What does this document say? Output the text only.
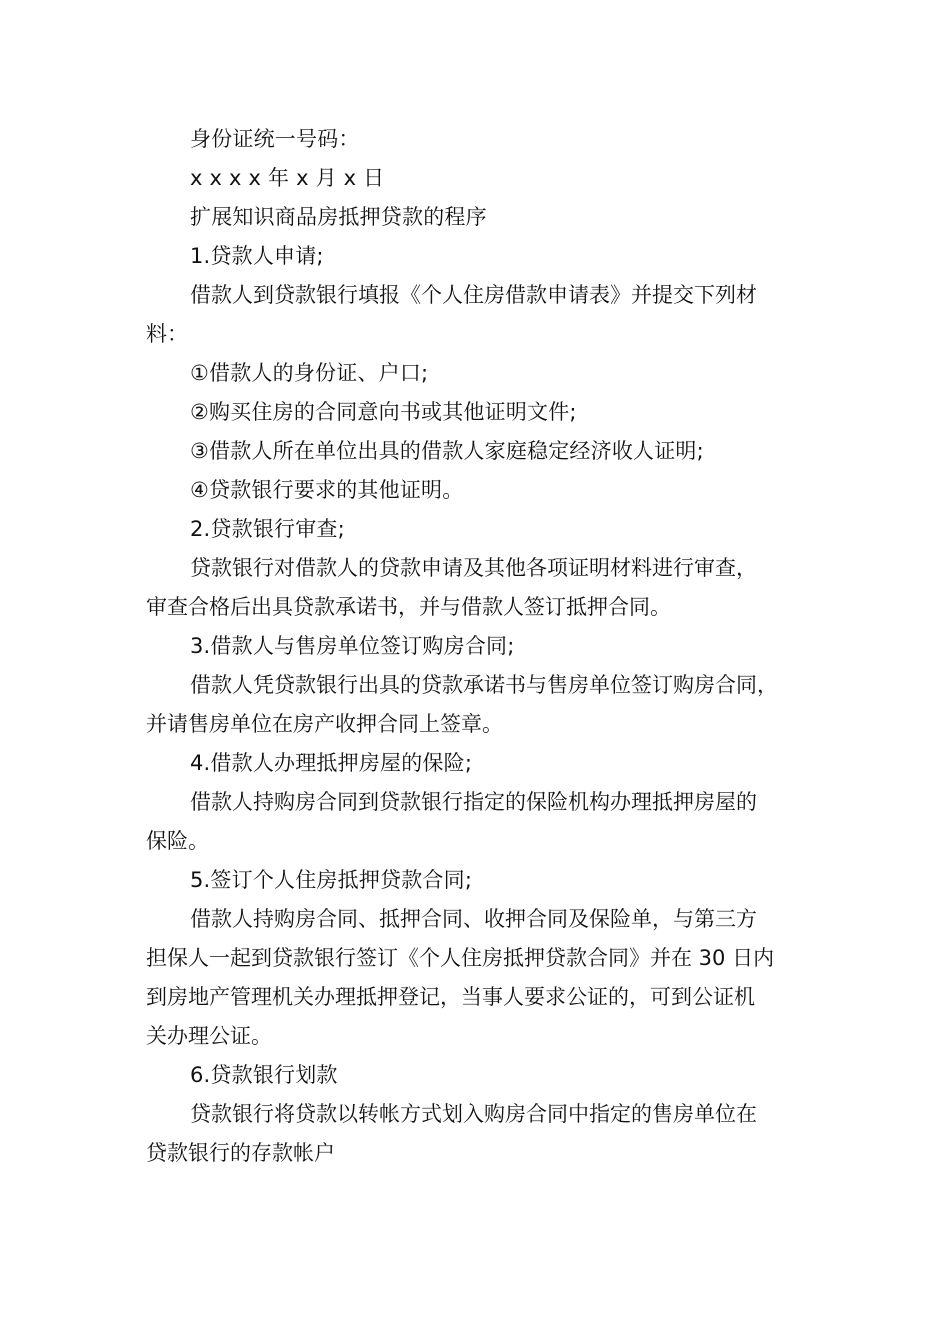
身份证统一号码：
x x x x 年 x 月 x 日
扩展知识商品房抵押贷款的程序
1.贷款人申请;
借款人到贷款银行填报《个人住房借款申请表》并提交下列材
料：
①借款人的身份证、户口;
②购买住房的合同意向书或其他证明文件;
③借款人所在单位出具的借款人家庭稳定经济收人证明;
④贷款银行要求的其他证明。
2.贷款银行审查;
贷款银行对借款人的贷款申请及其他各项证明材料进行审查，
审查合格后出具贷款承诺书，并与借款人签订抵押合同。
3.借款人与售房单位签订购房合同;
借款人凭贷款银行出具的贷款承诺书与售房单位签订购房合同，
并请售房单位在房产收押合同上签章。
4.借款人办理抵押房屋的保险;
借款人持购房合同到贷款银行指定的保险机构办理抵押房屋的
保险。
5.签订个人住房抵押贷款合同;
借款人持购房合同、抵押合同、收押合同及保险单，与第三方
担保人一起到贷款银行签订《个人住房抵押贷款合同》并在 30 日内
到房地产管理机关办理抵押登记，当事人要求公证的，可到公证机
关办理公证。
6.贷款银行划款
贷款银行将贷款以转帐方式划入购房合同中指定的售房单位在
贷款银行的存款帐户
